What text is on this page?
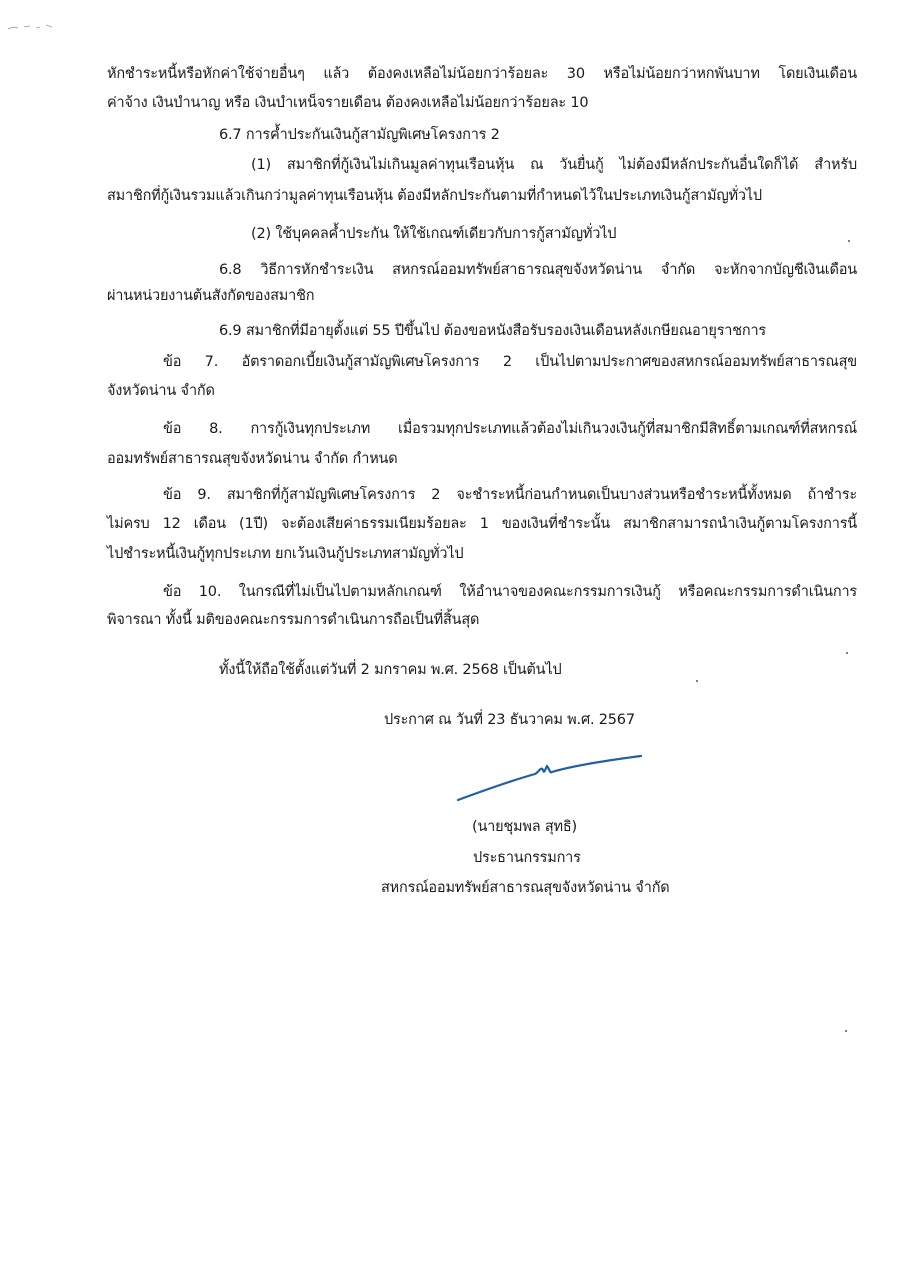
หักชำระหนี้หรือหักค่าใช้จ่ายอื่นๆ แล้ว ต้องคงเหลือไม่น้อยกว่าร้อยละ 30 หรือไม่น้อยกว่าหกพันบาท โดยเงินเดือน
ค่าจ้าง เงินบำนาญ หรือ เงินบำเหน็จรายเดือน ต้องคงเหลือไม่น้อยกว่าร้อยละ 10
6.7 การค้ำประกันเงินกู้สามัญพิเศษโครงการ 2
(1) สมาชิกที่กู้เงินไม่เกินมูลค่าทุนเรือนหุ้น ณ วันยื่นกู้ ไม่ต้องมีหลักประกันอื่นใดก็ได้ สำหรับ
สมาชิกที่กู้เงินรวมแล้วเกินกว่ามูลค่าทุนเรือนหุ้น ต้องมีหลักประกันตามที่กำหนดไว้ในประเภทเงินกู้สามัญทั่วไป
(2) ใช้บุคคลค้ำประกัน ให้ใช้เกณฑ์เดียวกับการกู้สามัญทั่วไป
6.8 วิธีการหักชำระเงิน สหกรณ์ออมทรัพย์สาธารณสุขจังหวัดน่าน จำกัด จะหักจากบัญชีเงินเดือน
ผ่านหน่วยงานต้นสังกัดของสมาชิก
6.9 สมาชิกที่มีอายุตั้งแต่ 55 ปีขึ้นไป ต้องขอหนังสือรับรองเงินเดือนหลังเกษียณอายุราชการ
ข้อ 7. อัตราดอกเบี้ยเงินกู้สามัญพิเศษโครงการ 2 เป็นไปตามประกาศของสหกรณ์ออมทรัพย์สาธารณสุข
จังหวัดน่าน จำกัด
ข้อ 8. การกู้เงินทุกประเภท เมื่อรวมทุกประเภทแล้วต้องไม่เกินวงเงินกู้ที่สมาชิกมีสิทธิ์ตามเกณฑ์ที่สหกรณ์
ออมทรัพย์สาธารณสุขจังหวัดน่าน จำกัด กำหนด
ข้อ 9. สมาชิกที่กู้สามัญพิเศษโครงการ 2 จะชำระหนี้ก่อนกำหนดเป็นบางส่วนหรือชำระหนี้ทั้งหมด ถ้าชำระ
ไม่ครบ 12 เดือน (1ปี) จะต้องเสียค่าธรรมเนียมร้อยละ 1 ของเงินที่ชำระนั้น สมาชิกสามารถนำเงินกู้ตามโครงการนี้
ไปชำระหนี้เงินกู้ทุกประเภท ยกเว้นเงินกู้ประเภทสามัญทั่วไป
ข้อ 10. ในกรณีที่ไม่เป็นไปตามหลักเกณฑ์ ให้อำนาจของคณะกรรมการเงินกู้ หรือคณะกรรมการดำเนินการ
พิจารณา ทั้งนี้ มติของคณะกรรมการดำเนินการถือเป็นที่สิ้นสุด
ทั้งนี้ให้ถือใช้ตั้งแต่วันที่ 2 มกราคม พ.ศ. 2568 เป็นต้นไป
ประกาศ ณ วันที่ 23 ธันวาคม พ.ศ. 2567
(นายชุมพล สุทธิ)
ประธานกรรมการ
สหกรณ์ออมทรัพย์สาธารณสุขจังหวัดน่าน จำกัด
